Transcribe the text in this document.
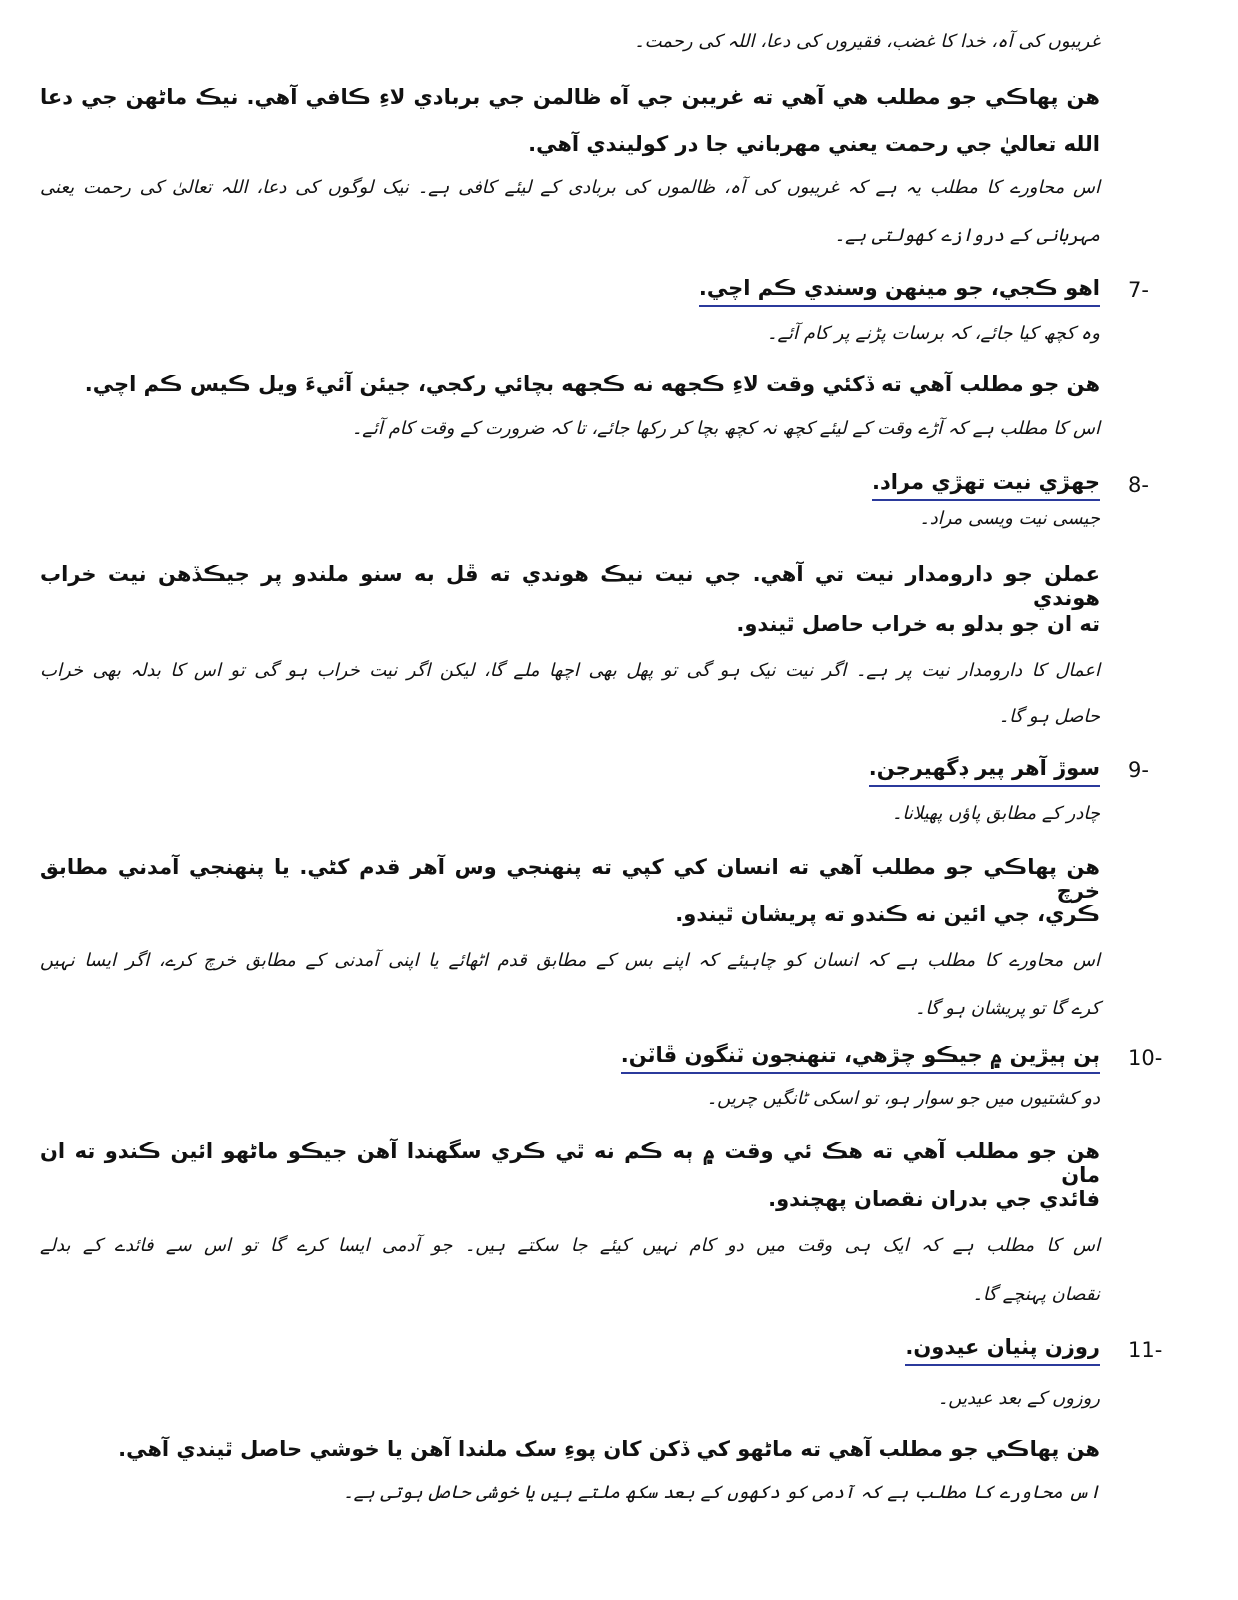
غریبوں کی آہ، خدا کا غضب، فقیروں کی دعا، اللہ کی رحمت۔
هن پهاڪي جو مطلب هي آهي ته غريبن جي آه ظالمن جي بربادي لاءِ ڪافي آهي. نيڪ ماڻهن جي دعا
الله تعاليٰ جي رحمت يعني مهرباني جا در کوليندي آهي.
اس محاورے کا مطلب یہ ہے کہ غریبوں کی آہ، ظالموں کی بربادی کے لیئے کافی ہے۔ نیک لوگوں کی دعا، اللہ تعالیٰ کی رحمت یعنی
مہربانی کے دروازے کھولتی ہے۔
7-
اهو ڪجي، جو مينهن وسندي ڪم اچي.
وہ کچھ کیا جائے، کہ برسات پڑنے پر کام آئے۔
هن جو مطلب آهي ته ڏکئي وقت لاءِ ڪجهه نه ڪجهه بچائي رکجي، جيئن آئيءَ ويل ڪيس ڪم اچي.
اس کا مطلب ہے کہ آڑے وقت کے لیئے کچھ نہ کچھ بچا کر رکھا جائے، تا کہ ضرورت کے وقت کام آئے۔
8-
جهڙي نيت تهڙي مراد.
جیسی نیت ویسی مراد۔
عملن جو دارومدار نيت تي آهي. جي نيت نيڪ هوندي ته ڦل به سنو ملندو پر جيڪڏهن نيت خراب هوندي
ته ان جو بدلو به خراب حاصل ٿيندو.
اعمال کا دارومدار نیت پر ہے۔ اگر نیت نیک ہو گی تو پھل بھی اچھا ملے گا، لیکن اگر نیت خراب ہو گی تو اس کا بدلہ بھی خراب
حاصل ہو گا۔
9-
سوڙ آهر پير ڊگهيرجن.
چادر کے مطابق پاؤں پھیلانا۔
هن پهاڪي جو مطلب آهي ته انسان کي کپي ته پنهنجي وس آهر قدم کڻي. يا پنهنجي آمدني مطابق خرچ
ڪري، جي ائين نه ڪندو ته پريشان ٿيندو.
اس محاورے کا مطلب ہے کہ انسان کو چاہیئے کہ اپنے بس کے مطابق قدم اٹھائے یا اپنی آمدنی کے مطابق خرچ کرے، اگر ایسا نہیں
کرے گا تو پریشان ہو گا۔
10-
ٻن ٻيڙين ۾ جيڪو چڙهي، تنهنجون ٽنگون ڦاٽن.
دو کشتیوں میں جو سوار ہو، تو اسکی ٹانگیں چریں۔
هن جو مطلب آهي ته هڪ ئي وقت ۾ ٻه ڪم نه ٿي ڪري سگهندا آهن جيڪو ماڻهو ائين ڪندو ته ان مان
فائدي جي بدران نقصان پهچندو.
اس کا مطلب ہے کہ ایک ہی وقت میں دو کام نہیں کیئے جا سکتے ہیں۔ جو آدمی ایسا کرے گا تو اس سے فائدے کے بدلے
نقصان پہنچے گا۔
11-
روزن پٺيان عيدون.
روزوں کے بعد عیدیں۔
هن پهاڪي جو مطلب آهي ته ماڻهو کي ڏکن کان پوءِ سک ملندا آهن يا خوشي حاصل ٿيندي آهي.
اس محاورے کا مطلب ہے کہ آدمی کو دکھوں کے بعد سکھ ملتے ہیں یا خوشی حاصل ہوتی ہے۔
